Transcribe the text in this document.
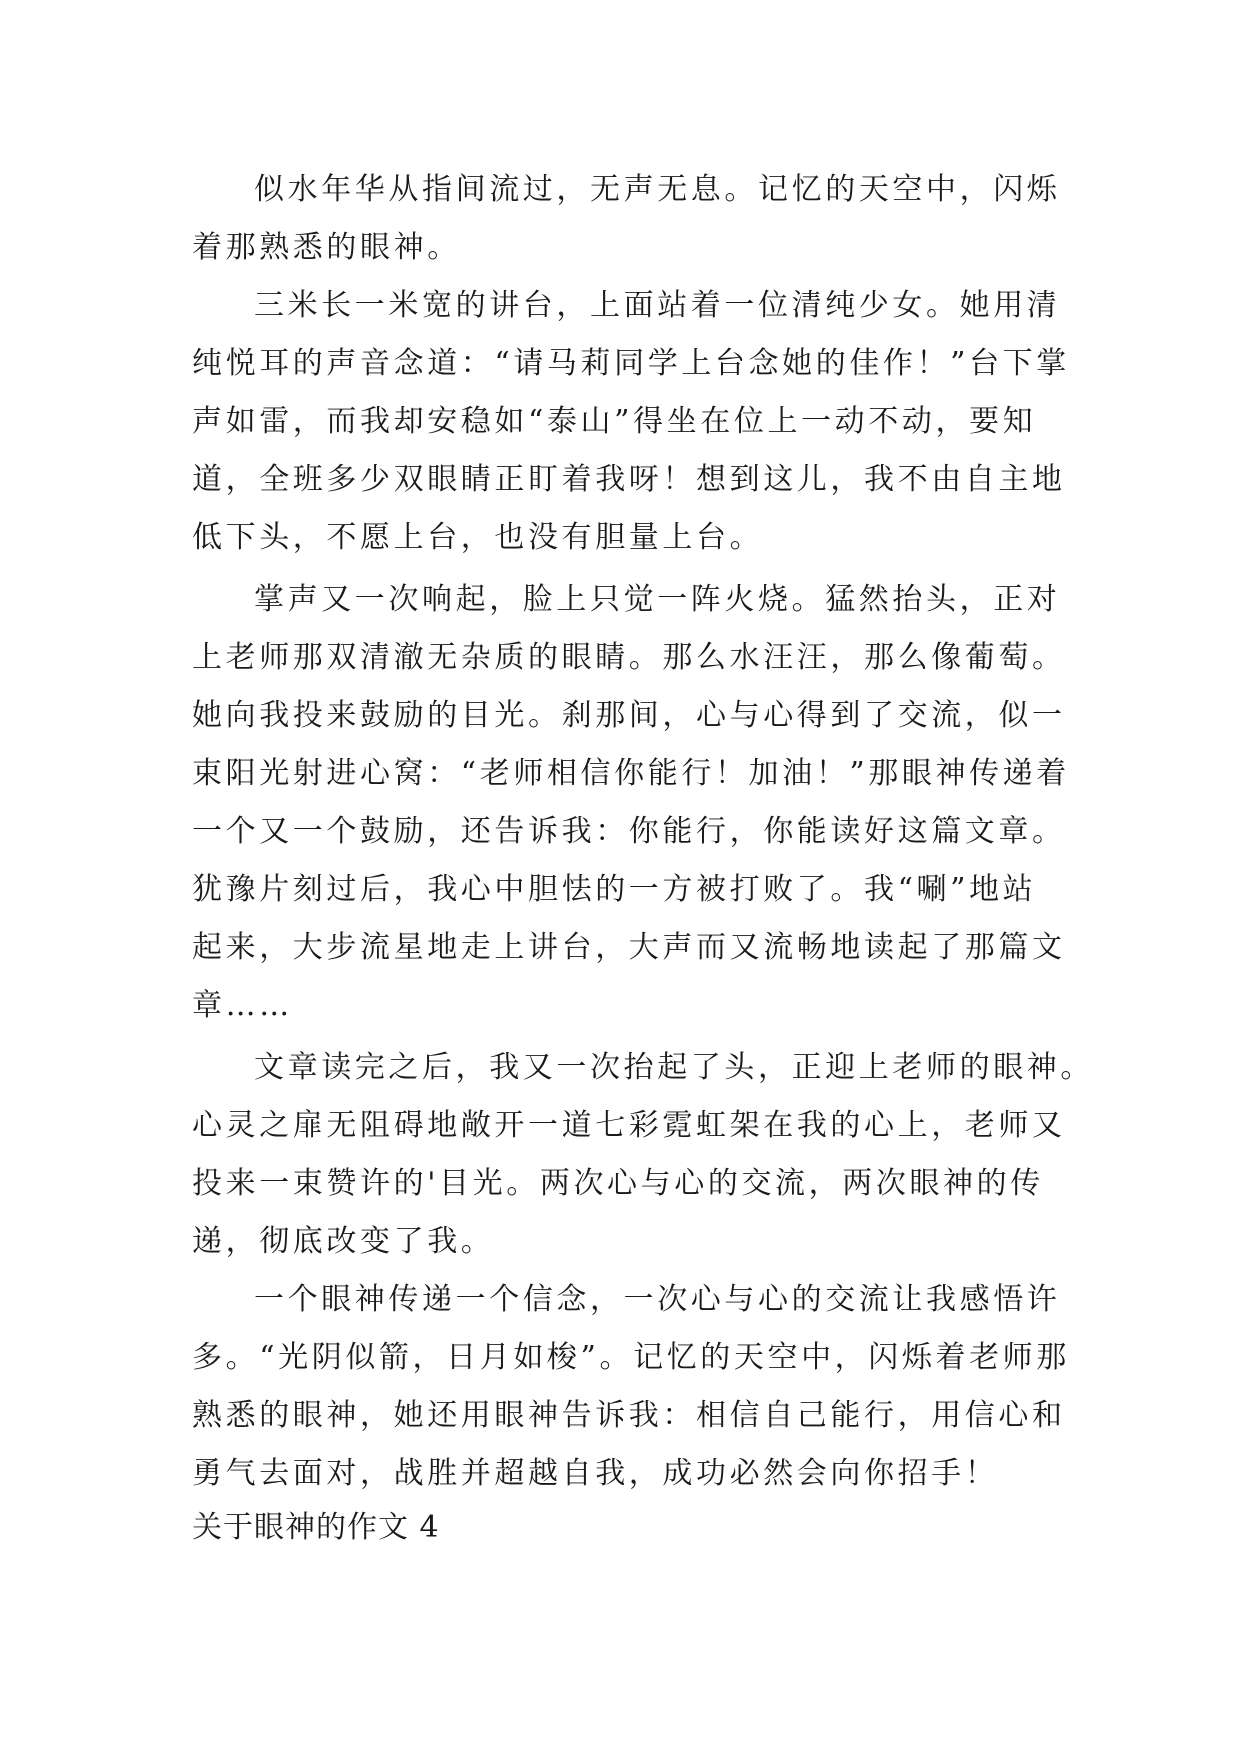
似水年华从指间流过，无声无息。记忆的天空中，闪烁
着那熟悉的眼神。
三米长一米宽的讲台，上面站着一位清纯少女。她用清
纯悦耳的声音念道：“请马莉同学上台念她的佳作！”台下掌
声如雷，而我却安稳如“泰山”得坐在位上一动不动，要知
道，全班多少双眼睛正盯着我呀！想到这儿，我不由自主地
低下头，不愿上台，也没有胆量上台。
掌声又一次响起，脸上只觉一阵火烧。猛然抬头，正对
上老师那双清澈无杂质的眼睛。那么水汪汪，那么像葡萄。
她向我投来鼓励的目光。刹那间，心与心得到了交流，似一
束阳光射进心窝：“老师相信你能行！加油！”那眼神传递着
一个又一个鼓励，还告诉我：你能行，你能读好这篇文章。
犹豫片刻过后，我心中胆怯的一方被打败了。我“唰”地站
起来，大步流星地走上讲台，大声而又流畅地读起了那篇文
章……
文章读完之后，我又一次抬起了头，正迎上老师的眼神。
心灵之扉无阻碍地敞开一道七彩霓虹架在我的心上，老师又
投来一束赞许的'目光。两次心与心的交流，两次眼神的传
递，彻底改变了我。
一个眼神传递一个信念，一次心与心的交流让我感悟许
多。“光阴似箭，日月如梭”。记忆的天空中，闪烁着老师那
熟悉的眼神，她还用眼神告诉我：相信自己能行，用信心和
勇气去面对，战胜并超越自我，成功必然会向你招手！
关于眼神的作文 4
